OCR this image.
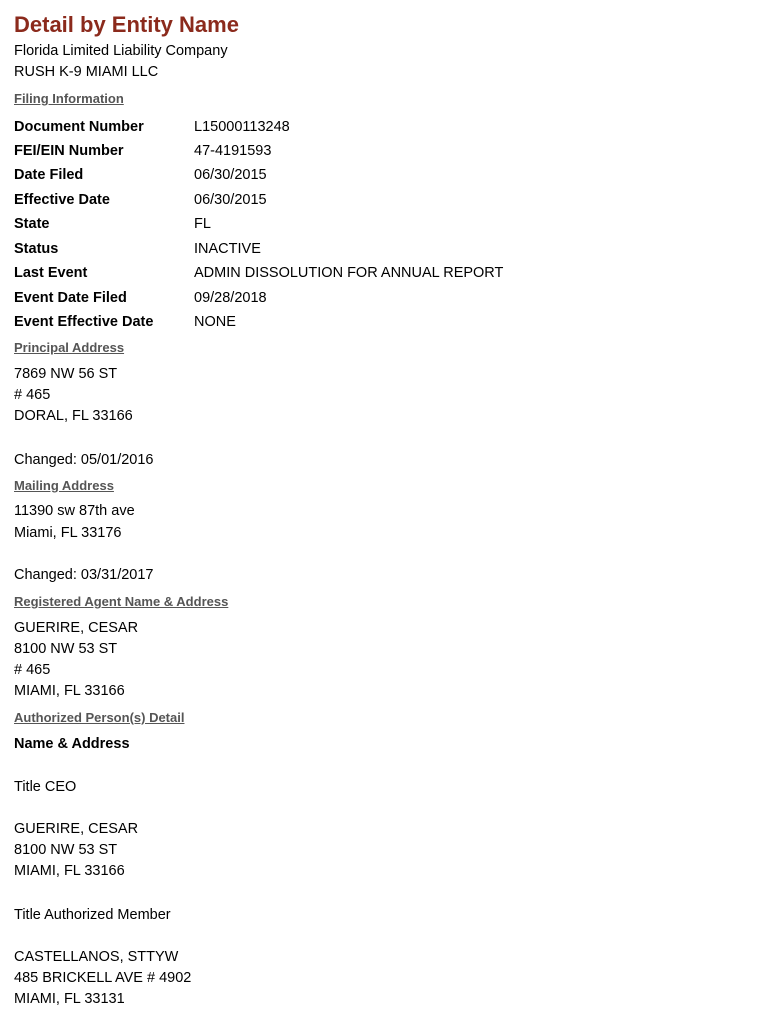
Detail by Entity Name
Florida Limited Liability Company
RUSH K-9 MIAMI LLC
Filing Information
Document Number	L15000113248
FEI/EIN Number	47-4191593
Date Filed	06/30/2015
Effective Date	06/30/2015
State	FL
Status	INACTIVE
Last Event	ADMIN DISSOLUTION FOR ANNUAL REPORT
Event Date Filed	09/28/2018
Event Effective Date	NONE
Principal Address
7869 NW 56 ST
# 465
DORAL, FL 33166
Changed: 05/01/2016
Mailing Address
11390 sw 87th ave
Miami, FL 33176
Changed: 03/31/2017
Registered Agent Name & Address
GUERIRE, CESAR
8100 NW 53 ST
# 465
MIAMI, FL 33166
Authorized Person(s) Detail
Name & Address
Title CEO
GUERIRE, CESAR
8100 NW 53 ST
MIAMI, FL 33166
Title Authorized Member
CASTELLANOS, STTYW
485 BRICKELL AVE # 4902
MIAMI, FL 33131
